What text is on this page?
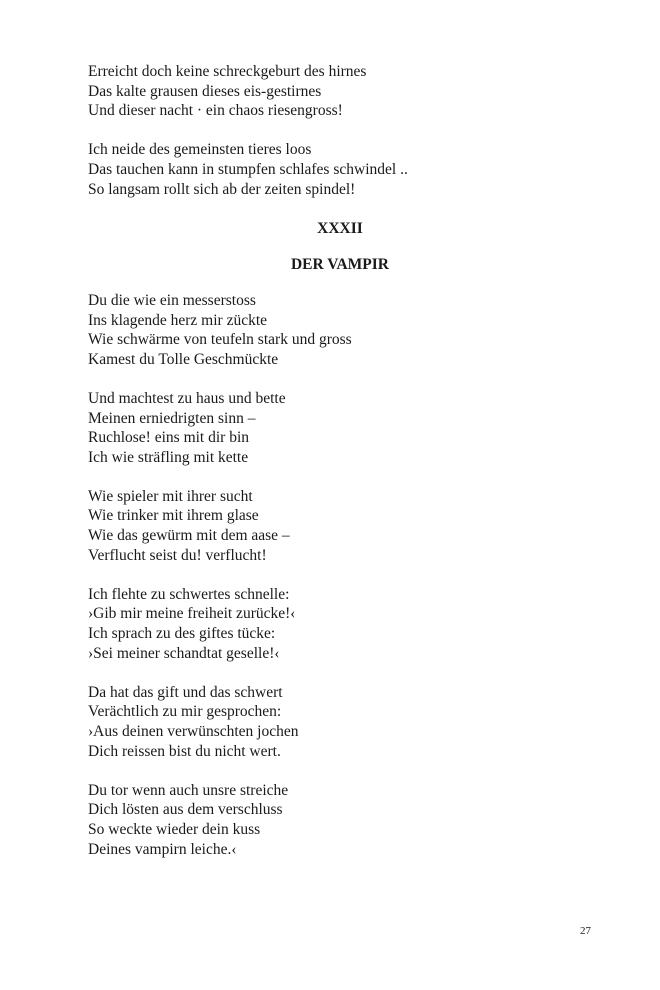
Erreicht doch keine schreckgeburt des hirnes
Das kalte grausen dieses eis-gestirnes
Und dieser nacht · ein chaos riesengross!
Ich neide des gemeinsten tieres loos
Das tauchen kann in stumpfen schlafes schwindel ..
So langsam rollt sich ab der zeiten spindel!
XXXII
DER VAMPIR
Du die wie ein messerstoss
Ins klagende herz mir zückte
Wie schwärme von teufeln stark und gross
Kamest du Tolle Geschmückte
Und machtest zu haus und bette
Meinen erniedrigten sinn –
Ruchlose! eins mit dir bin
Ich wie sträfling mit kette
Wie spieler mit ihrer sucht
Wie trinker mit ihrem glase
Wie das gewürm mit dem aase –
Verflucht seist du! verflucht!
Ich flehte zu schwertes schnelle:
›Gib mir meine freiheit zurücke!‹
Ich sprach zu des giftes tücke:
›Sei meiner schandtat geselle!‹
Da hat das gift und das schwert
Verächtlich zu mir gesprochen:
›Aus deinen verwünschten jochen
Dich reissen bist du nicht wert.
Du tor wenn auch unsre streiche
Dich lösten aus dem verschluss
So weckte wieder dein kuss
Deines vampirn leiche.‹
27
